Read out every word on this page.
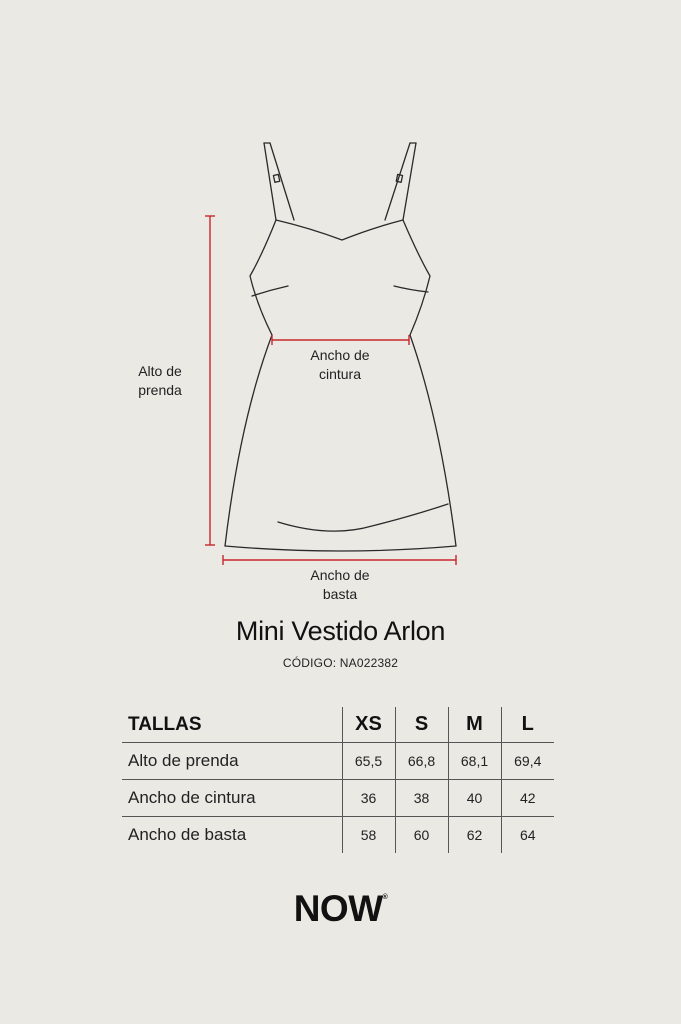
Alto de
prenda
Ancho de
cintura
Ancho de
basta
Mini Vestido Arlon
CÓDIGO: NA022382
TALLAS	XS	S	M	L
Alto de prenda	65,5	66,8	68,1	69,4
Ancho de cintura	36	38	40	42
Ancho de basta	58	60	62	64
NOW®
